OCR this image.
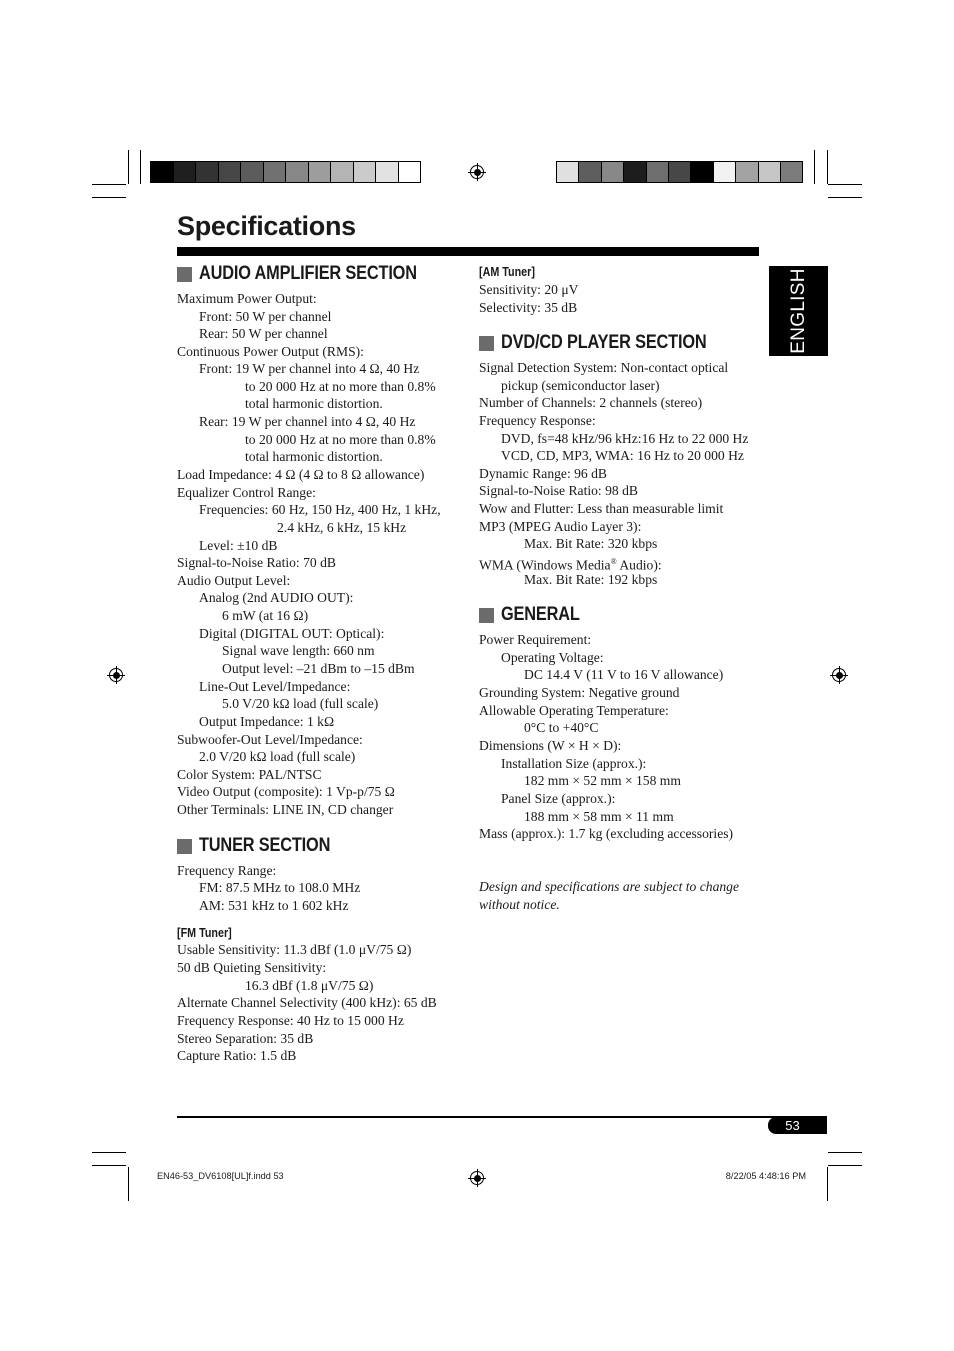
Specifications
ENGLISH
AUDIO AMPLIFIER SECTION
Maximum Power Output:
Front: 50 W per channel
Rear: 50 W per channel
Continuous Power Output (RMS):
Front: 19 W per channel into 4 Ω, 40 Hz
to 20 000 Hz at no more than 0.8%
total harmonic distortion.
Rear: 19 W per channel into 4 Ω, 40 Hz
to 20 000 Hz at no more than 0.8%
total harmonic distortion.
Load Impedance: 4 Ω (4 Ω to 8 Ω allowance)
Equalizer Control Range:
Frequencies: 60 Hz, 150 Hz, 400 Hz, 1 kHz,
2.4 kHz, 6 kHz, 15 kHz
Level: ±10 dB
Signal-to-Noise Ratio: 70 dB
Audio Output Level:
Analog (2nd AUDIO OUT):
6 mW (at 16 Ω)
Digital (DIGITAL OUT: Optical):
Signal wave length: 660 nm
Output level: –21 dBm to –15 dBm
Line-Out Level/Impedance:
5.0 V/20 kΩ load (full scale)
Output Impedance: 1 kΩ
Subwoofer-Out Level/Impedance:
2.0 V/20 kΩ load (full scale)
Color System: PAL/NTSC
Video Output (composite): 1 Vp-p/75 Ω
Other Terminals: LINE IN, CD changer
TUNER SECTION
Frequency Range:
FM: 87.5 MHz to 108.0 MHz
AM: 531 kHz to 1 602 kHz
[FM Tuner]
Usable Sensitivity: 11.3 dBf (1.0 μV/75 Ω)
50 dB Quieting Sensitivity:
16.3 dBf (1.8 μV/75 Ω)
Alternate Channel Selectivity (400 kHz): 65 dB
Frequency Response: 40 Hz to 15 000 Hz
Stereo Separation: 35 dB
Capture Ratio: 1.5 dB
[AM Tuner]
Sensitivity: 20 μV
Selectivity: 35 dB
DVD/CD PLAYER SECTION
Signal Detection System: Non-contact optical
pickup (semiconductor laser)
Number of Channels: 2 channels (stereo)
Frequency Response:
DVD, fs=48 kHz/96 kHz:16 Hz to 22 000 Hz
VCD, CD, MP3, WMA: 16 Hz to 20 000 Hz
Dynamic Range: 96 dB
Signal-to-Noise Ratio: 98 dB
Wow and Flutter: Less than measurable limit
MP3 (MPEG Audio Layer 3):
Max. Bit Rate: 320 kbps
WMA (Windows Media® Audio):
Max. Bit Rate: 192 kbps
GENERAL
Power Requirement:
Operating Voltage:
DC 14.4 V (11 V to 16 V allowance)
Grounding System: Negative ground
Allowable Operating Temperature:
0°C to +40°C
Dimensions (W × H × D):
Installation Size (approx.):
182 mm × 52 mm × 158 mm
Panel Size (approx.):
188 mm × 58 mm × 11 mm
Mass (approx.): 1.7 kg (excluding accessories)
Design and specifications are subject to change
without notice.
53
EN46-53_DV6108[UL]f.indd 53	8/22/05 4:48:16 PM
